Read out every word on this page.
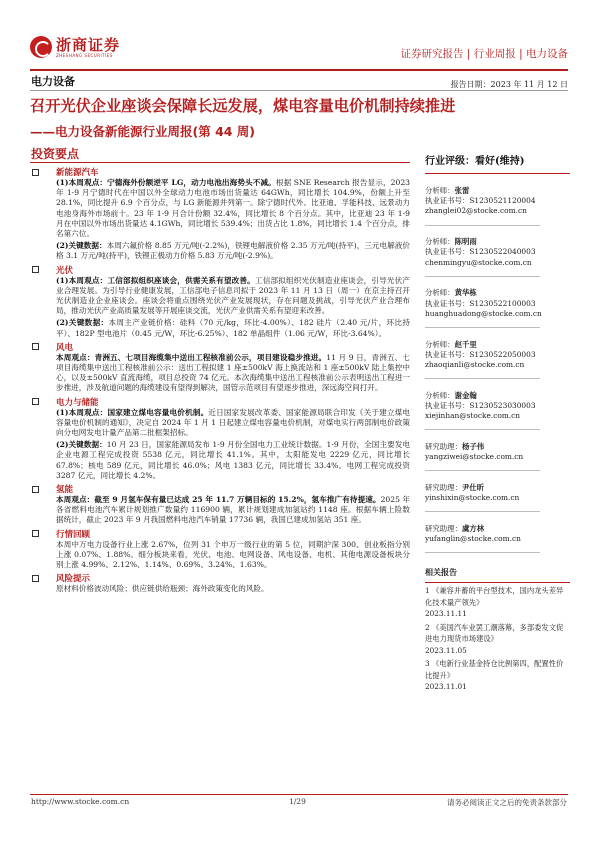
浙商证券
ZHESHANG SECURITIES	证券研究报告 | 行业周报 | 电力设备
电力设备	报告日期：2023 年 11 月 12 日
召开光伏企业座谈会保障长远发展，煤电容量电价机制持续推进
——电力设备新能源行业周报(第 44 周)
投资要点
新能源汽车
(1)本周观点：宁德海外份额逆平 LG，动力电池出海势头不减。根据 SNE Research 报告显示，2023 年 1-9 月宁德时代在中国以外全球动力电池市场出货量达 64GWh，同比增长 104.9%，份额上升至 28.1%，同比提升 6.9 个百分点，与 LG 新能源并列第一。除宁德时代外、比亚迪、孚能科技、远景动力电池身海外市场前十。23 年 1-9 月合计份额 32.4%，同比增长 8 个百分点。其中，比亚迪 23 年 1-9 月在中国以外市场出货量达 4.1GWh，同比增长 539.4%；出货占比 1.8%，同比增长 1.4 个百分点，排名第六位。
(2)关键数据：本周六氟价格 8.85 万元/吨(-2.2%)，铁锂电解液价格 2.35 万元/吨(持平)，三元电解液价格 3.1 万元/吨(持平)，铁锂正极动力价格 5.83 万元/吨(-2.9%)。
光伏
(1)本周观点：工信部拟组织座谈会，供需关系有望改善。工信部拟组织光伏制造业座谈会，引导光伏产业合理发展。为引导行业健康发展，工信部电子信息司拟于 2023 年 11 月 13 日（周一）在京主持召开光伏制造业企业座谈会。座谈会将重点围绕光伏产业发展现状，存在问题及挑战，引导光伏产业合理布局，推动光伏产业高质量发展等开展座谈交流，光伏产业供需关系有望迎来改善。
(2)关键数据：本周主产业链价格：硅料（70 元/kg，环比-4.00%）、182 硅片（2.40 元/片，环比持平）、182P 型电池片（0.45 元/W，环比-6.25%）、182 单晶组件（1.06 元/W，环比-3.64%）。
风电
本周观点：青洲五、七项目海缆集中送出工程核准前公示，项目建设稳步推进。11 月 9 日，青洲五、七项目海缆集中送出工程核准前公示：送出工程拟建 1 座±500kV 海上换流站和 1 座±500kV 陆上集控中心，以及±500kV 直流海缆，项目总投资 74 亿元。本次海缆集中送出工程核准前公示表明送出工程进一步推进，涉及航道问题的海缆建设有望得到解决，国管示范项目有望逐步推进，深远海空间打开。
电力与储能
(1)本周观点：国家建立煤电容量电价机制。近日国家发展改革委、国家能源局联合印发《关于建立煤电容量电价机制的通知》，决定自 2024 年 1 月 1 日起建立煤电容量电价机制，对煤电实行两部制电价政策向分电网发电计量产品第二批框架招标。
(2)关键数据：10 月 23 日，国家能源局发布 1-9 月份全国电力工业统计数据。1-9 月份，全国主要发电企业电源工程完成投资 5538 亿元，同比增长 41.1%。其中，太阳能发电 2229 亿元，同比增长 67.8%；核电 589 亿元，同比增长 46.0%；风电 1383 亿元，同比增长 33.4%。电网工程完成投资 3287 亿元，同比增长 4.2%。
氢能
本周观点：截至 9 月氢车保有量已达成 25 年 11.7 万辆目标的 15.2%，氢车推广有待提速。2025 年各省燃料电池汽车累计规划推广数量约 116900 辆，累计规划建成加氢站约 1148 座。根据车辆上险数据统计，截止 2023 年 9 月我国燃料电池汽车销量 17736 辆，我国已建成加氢站 351 座。
行情回顾
本周中万电力设备行业上涨 2.67%，位列 31 个申万一级行业的第 5 位，同期沪深 300、创业板指分别上涨 0.07%、1.88%。细分板块来看，光伏、电池、电网设备、风电设备、电机、其他电源设备板块分别上涨 4.99%、2.12%、1.14%、0.69%、3.24%、1.63%。
风险提示
原材料价格波动风险；供应链供给瓶颈；海外政策变化的风险。
行业评级：看好(维持)
分析师：张雷
执业证书号：S1230521120004
zhanglei02@stocke.com.cn
分析师：陈明雨
执业证书号：S1230522040003
chenmingyu@stocke.com.cn
分析师：黄华栋
执业证书号：S1230522100003
huanghuadong@stocke.com.cn
分析师：赵千里
执业证书号：S1230522050003
zhaoqianli@stocke.com.cn
分析师：谢金翰
执业证书号：S1230523030003
xiejinhan@stocke.com.cn
研究助理：杨子伟
yangziwei@stocke.com.cn
研究助理：尹仕昕
yinshixin@stocke.com.cn
研究助理：虞方林
yufanglin@stocke.com.cn
相关报告
1 《兼容并蓄的平台型技术，国内龙头差异化技术量产领先》
2023.11.11
2 《美国汽车业罢工潮落幕，多部委发文促进电力现货市场建设》
2023.11.05
3 《电新行业基金持仓比例第四，配置性价比提升》
2023.11.01
http://www.stocke.com.cn	1/29	请务必阅读正文之后的免责条款部分
